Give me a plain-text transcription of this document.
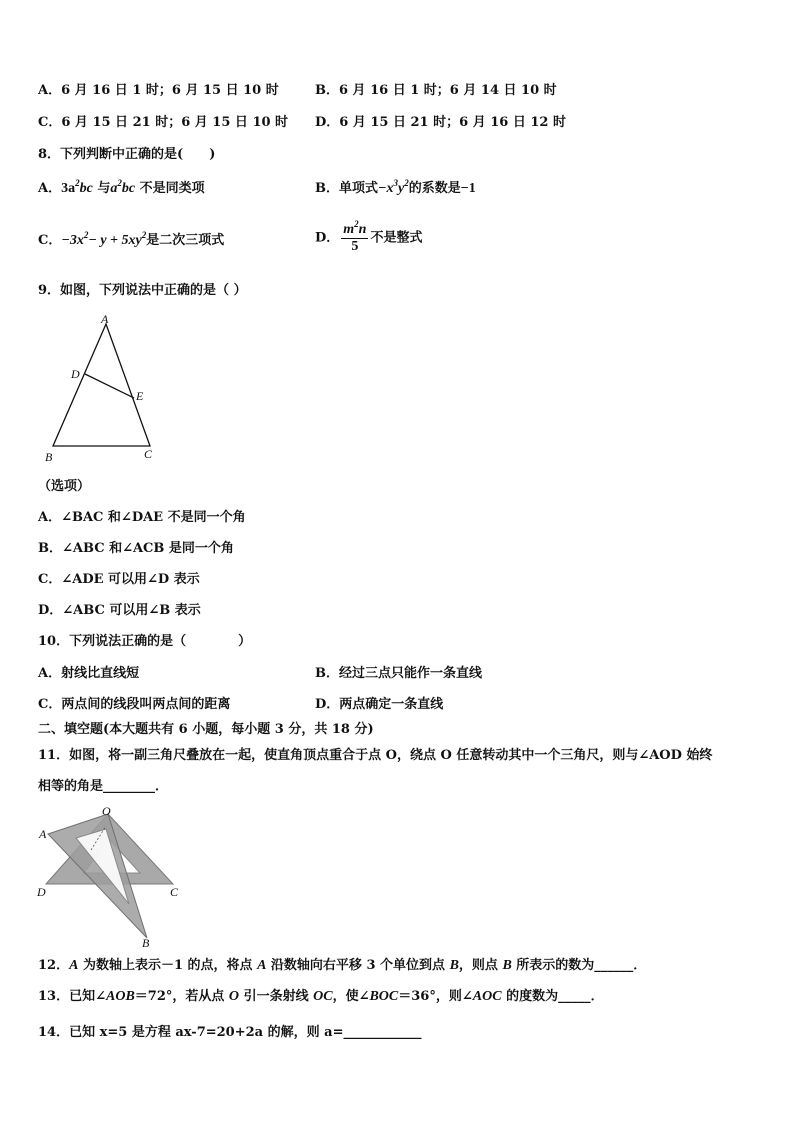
A．6 月 16 日 1 时；6 月 15 日 10 时	B．6 月 16 日 1 时；6 月 14 日 10 时
C．6 月 15 日 21 时；6 月 15 日 10 时 D．6 月 15 日 21 时；6 月 16 日 12 时
8．下列判断中正确的是(　　)
A．$3a^2bc$ 与$a^2bc$ 不是同类项	B．单项式$-x^3y^2$的系数是−1
C．$-3x^2- y + 5xy^2$是二次三项式	D． $\frac{m^2n}{5}$ 不是整式
9．如图，下列说法中正确的是（ ）
A
D
E
B	C
（选项）
A．∠BAC 和∠DAE 不是同一个角
B．∠ABC 和∠ACB 是同一个角
C．∠ADE 可以用∠D 表示
D．∠ABC 可以用∠B 表示
10．下列说法正确的是（　　　　）
A．射线比直线短	B．经过三点只能作一条直线
C．两点间的线段叫两点间的距离	D．两点确定一条直线
二、填空题(本大题共有 6 小题，每小题 3 分，共 18 分)
11．如图，将一副三角尺叠放在一起，使直角顶点重合于点 O，绕点 O 任意转动其中一个三角尺，则与∠AOD 始终
相等的角是________．
O
A
D	C
B
12．A 为数轴上表示－1 的点，将点 A 沿数轴向右平移 3 个单位到点 B，则点 B 所表示的数为______．
13．已知∠AOB＝72°，若从点 O 引一条射线 OC，使∠BOC＝36°，则∠AOC 的度数为_____．
14．已知 x=5 是方程 ax-7=20+2a 的解，则 a=____________
